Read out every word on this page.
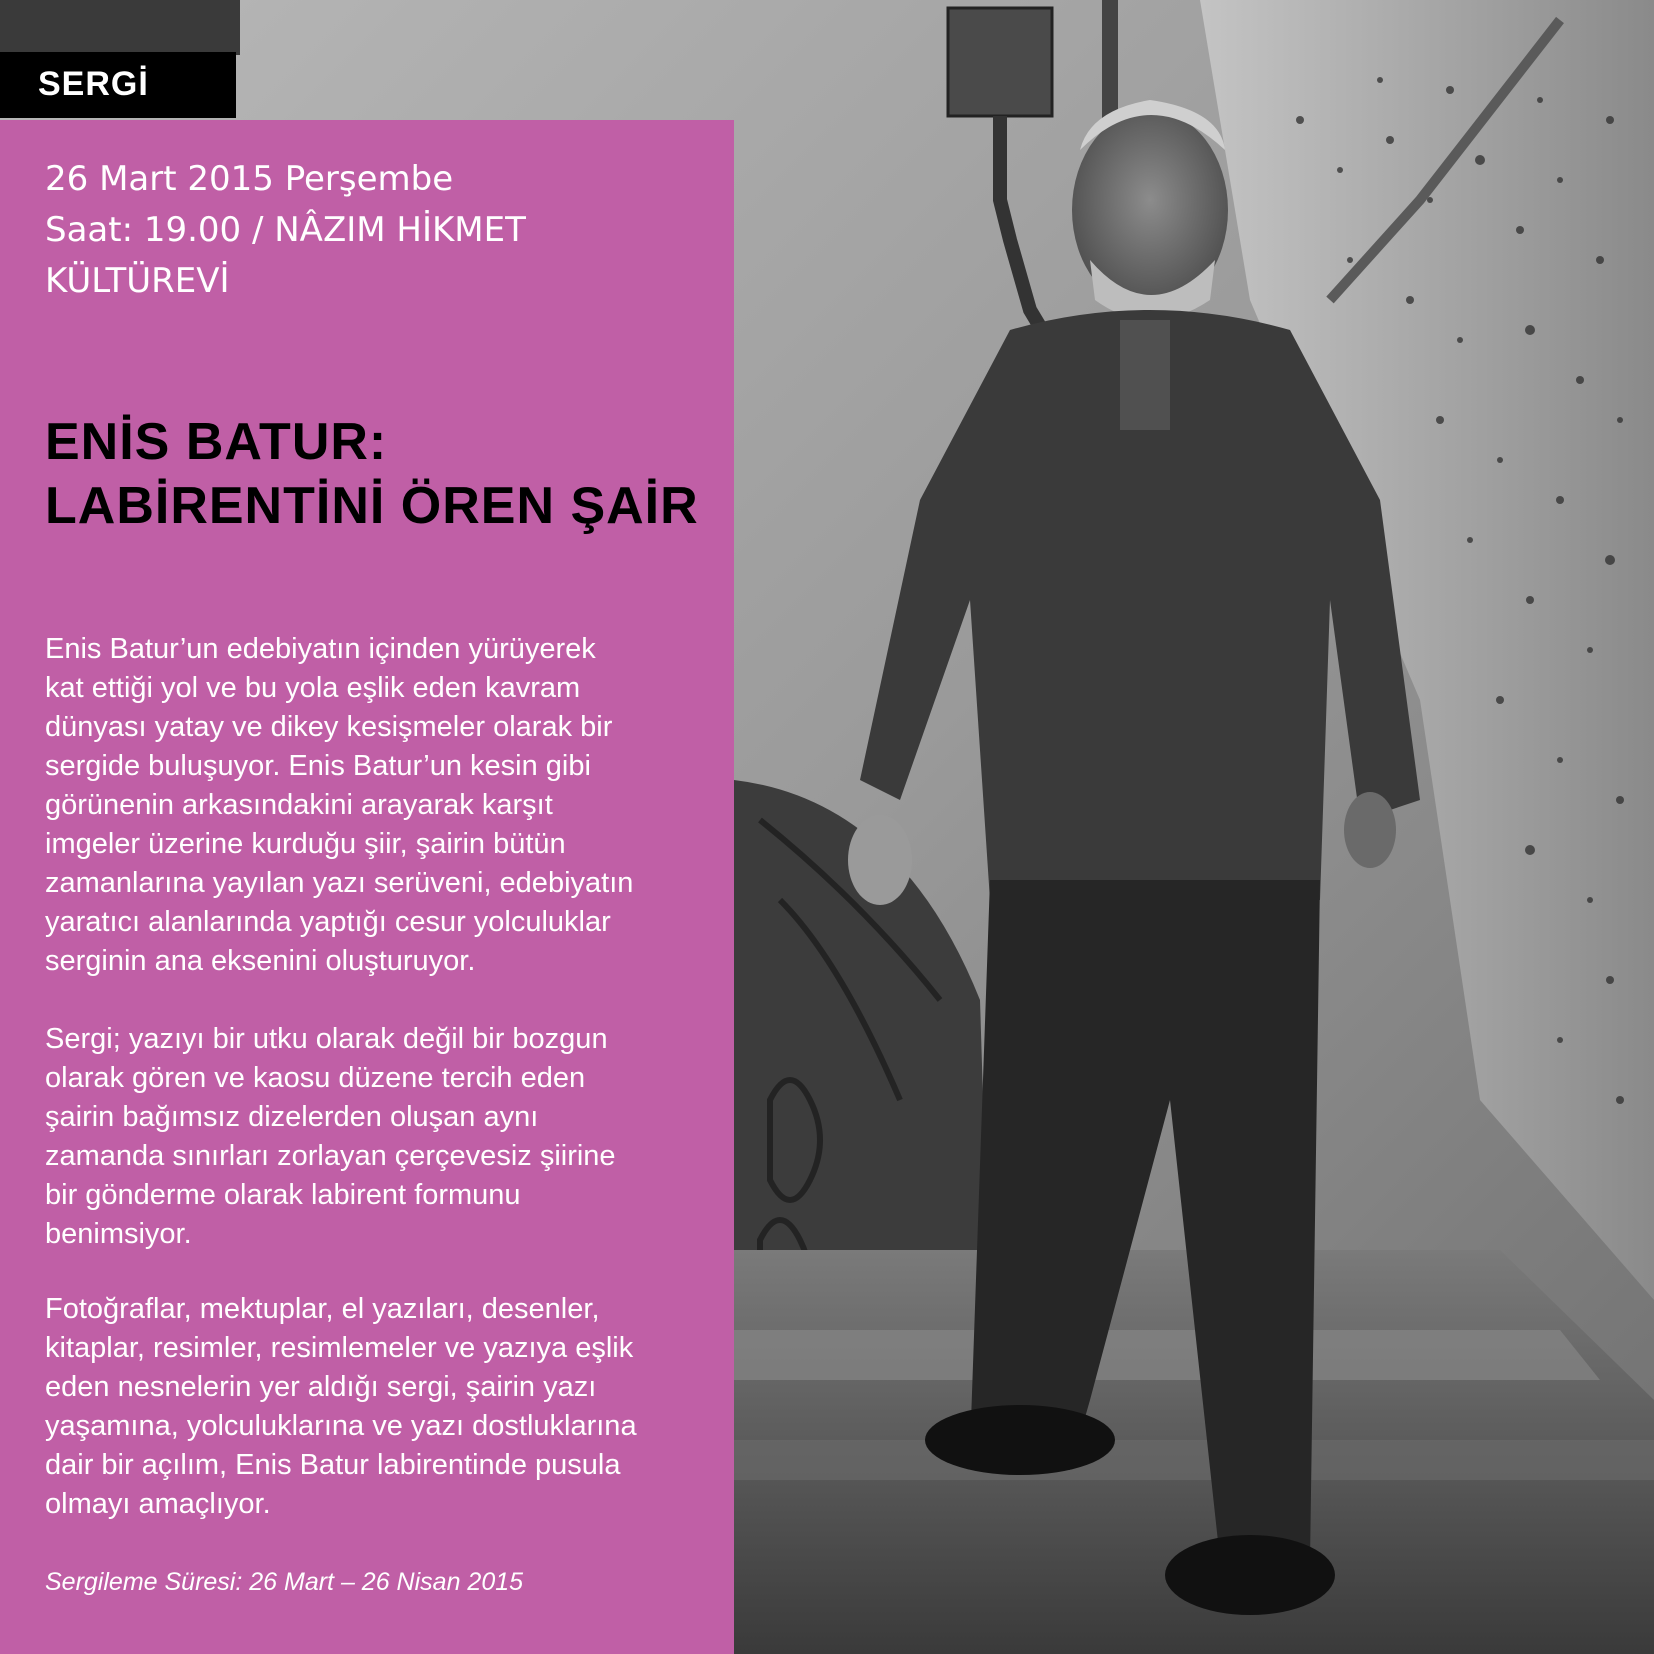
SERGİ
26 Mart 2015 Perşembe
Saat: 19.00 / NÂZIM HİKMET
KÜLTÜREVİ
ENİS BATUR:
LABİRENTİNİ ÖREN ŞAİR
Enis Batur’un edebiyatın içinden yürüyerek
kat ettiği yol ve bu yola eşlik eden kavram
dünyası yatay ve dikey kesişmeler olarak bir
sergide buluşuyor. Enis Batur’un kesin gibi
görünenin arkasındakini arayarak karşıt
imgeler üzerine kurduğu şiir, şairin bütün
zamanlarına yayılan yazı serüveni, edebiyatın
yaratıcı alanlarında yaptığı cesur yolculuklar
serginin ana eksenini oluşturuyor.
Sergi; yazıyı bir utku olarak değil bir bozgun
olarak gören ve kaosu düzene tercih eden
şairin bağımsız dizelerden oluşan aynı
zamanda sınırları zorlayan çerçevesiz şiirine
bir gönderme olarak labirent formunu
benimsiyor.
Fotoğraflar, mektuplar, el yazıları, desenler,
kitaplar, resimler, resimlemeler ve yazıya eşlik
eden nesnelerin yer aldığı sergi, şairin yazı
yaşamına, yolculuklarına ve yazı dostluklarına
dair bir açılım, Enis Batur labirentinde pusula
olmayı amaçlıyor.
Sergileme Süresi: 26 Mart – 26 Nisan 2015
